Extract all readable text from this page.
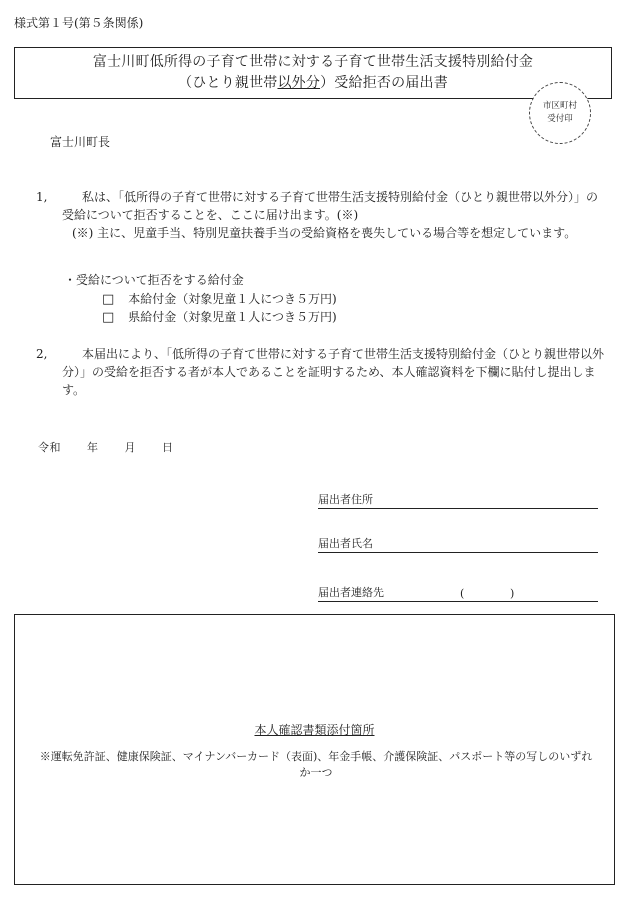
様式第１号(第５条関係)
富士川町低所得の子育て世帯に対する子育て世帯生活支援特別給付金
（ひとり親世帯以外分）受給拒否の届出書
市区町村
受付印
富士川町長
1,	私は、「低所得の子育て世帯に対する子育て世帯生活支援特別給付金（ひとり親世帯以外分）」の受給について拒否することを、ここに届け出ます。(※)
(※) 主に、児童手当、特別児童扶養手当の受給資格を喪失している場合等を想定しています。
・受給について拒否をする給付金
□ 本給付金（対象児童１人につき５万円)
□ 県給付金（対象児童１人につき５万円)
2,	本届出により、「低所得の子育て世帯に対する子育て世帯生活支援特別給付金（ひとり親世帯以外分）」の受給を拒否する者が本人であることを証明するため、本人確認資料を下欄に貼付し提出します。
令和 年 月 日
届出者住所
届出者氏名
届出者連絡先	(	)
本人確認書類添付箇所
※運転免許証、健康保険証、マイナンバーカード（表面)、年金手帳、介護保険証、パスポート等の写しのいずれか一つ
